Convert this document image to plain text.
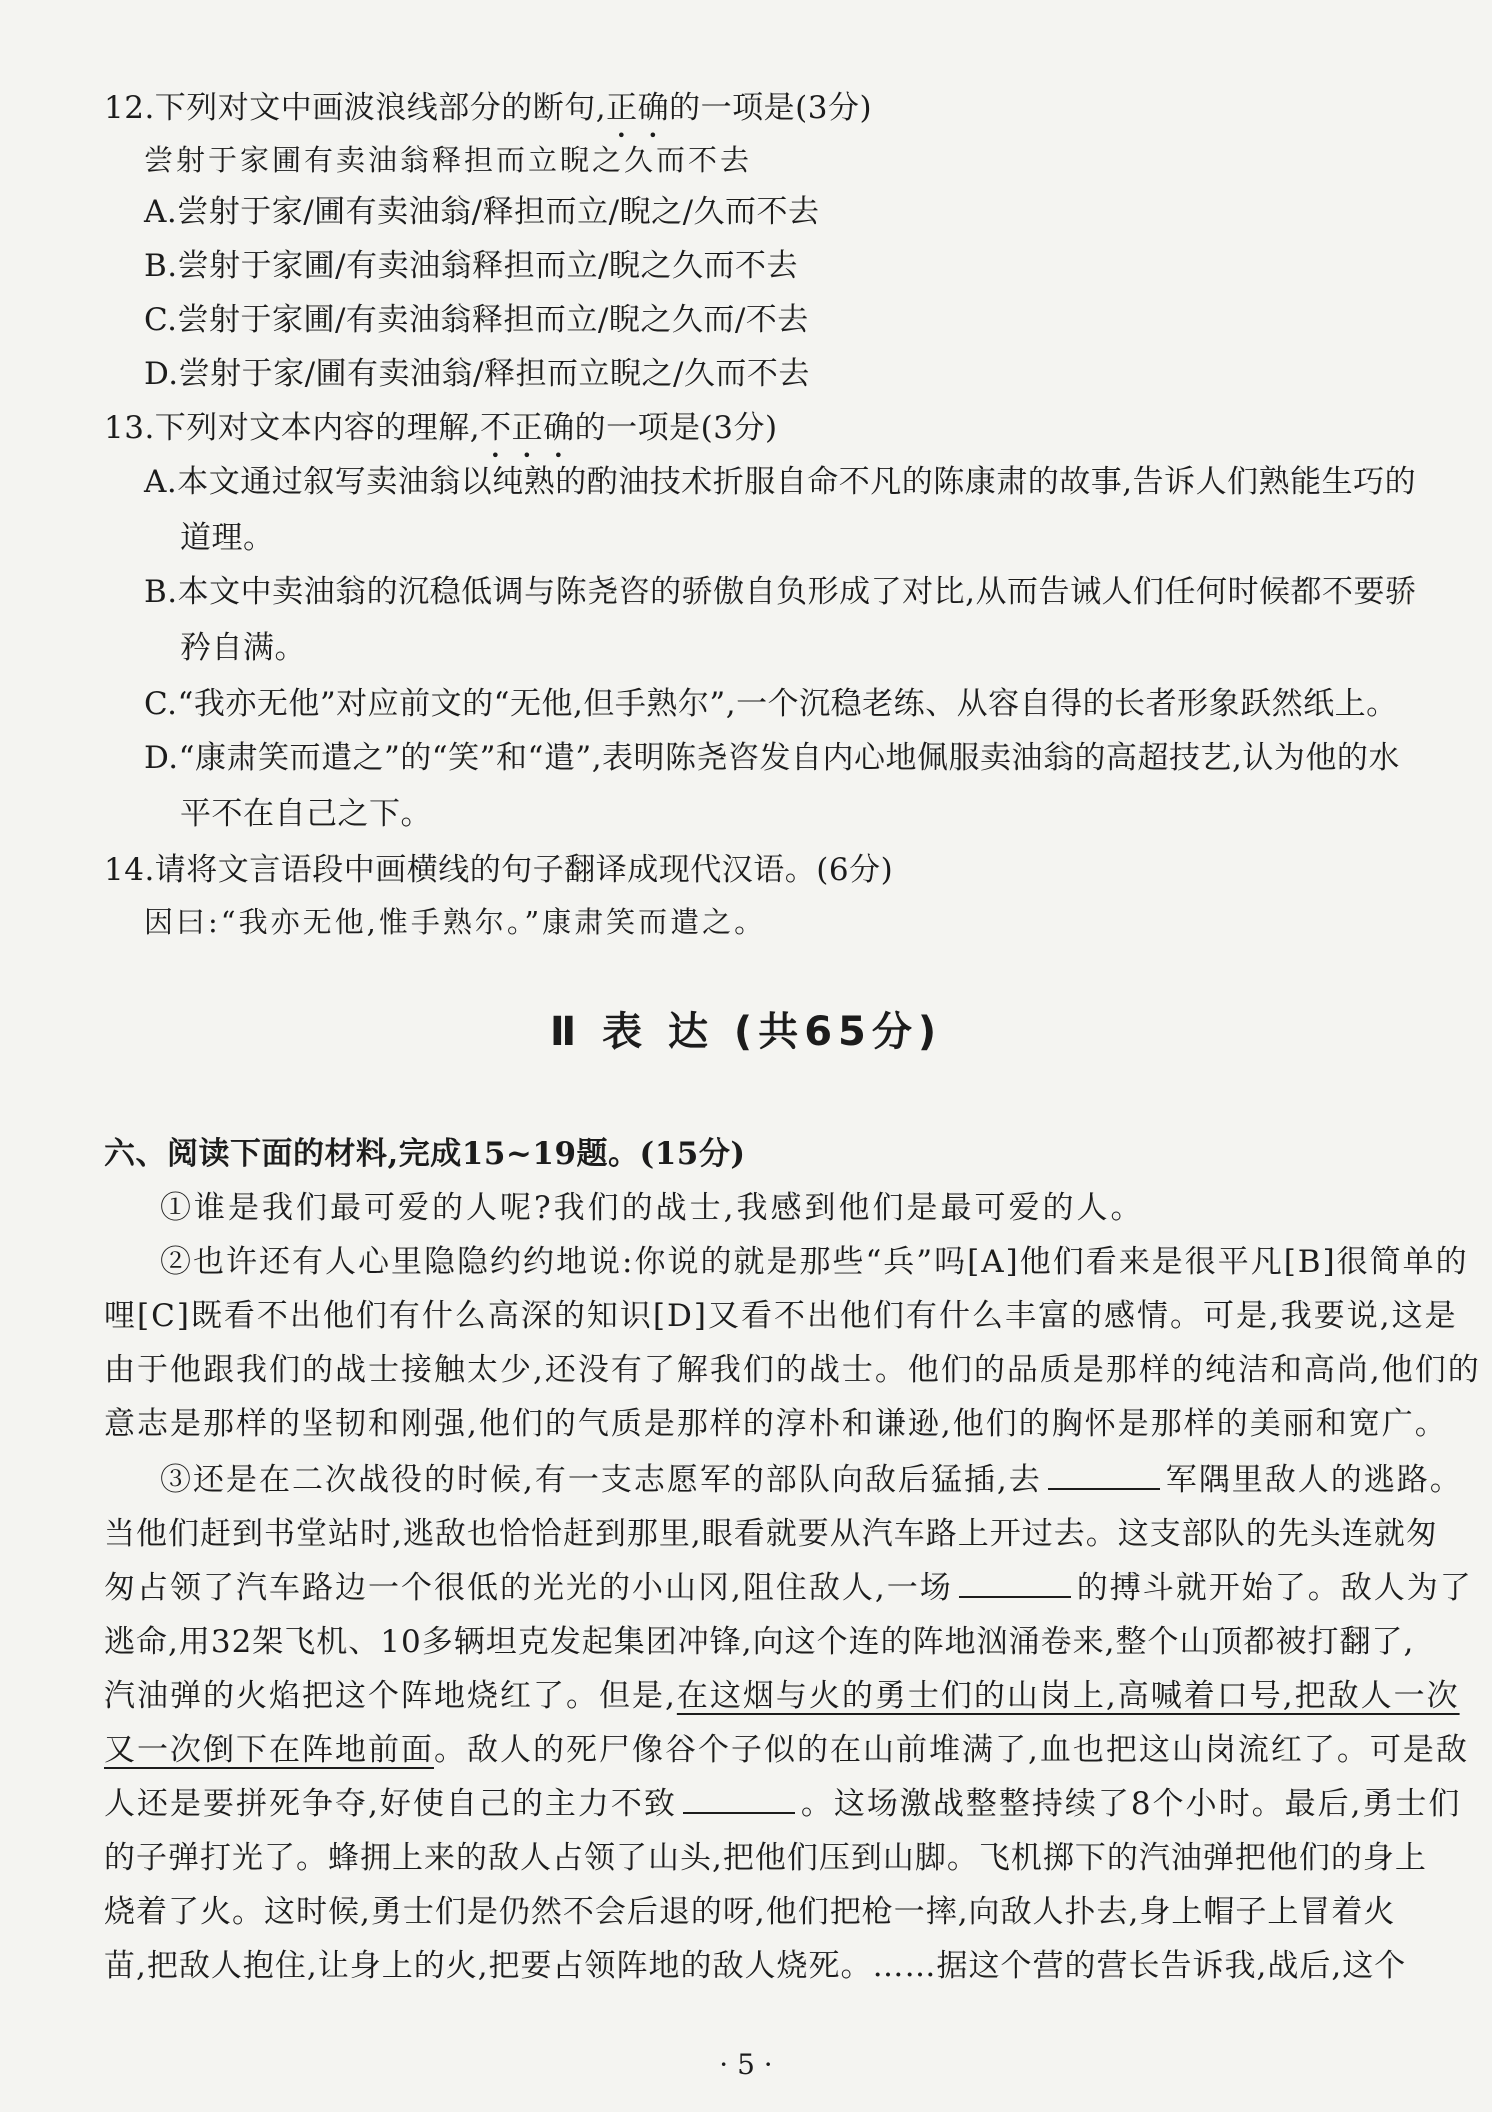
12.下列对文中画波浪线部分的断句,正确的一项是(3分)
尝射于家圃有卖油翁释担而立睨之久而不去
A.尝射于家/圃有卖油翁/释担而立/睨之/久而不去
B.尝射于家圃/有卖油翁释担而立/睨之久而不去
C.尝射于家圃/有卖油翁释担而立/睨之久而/不去
D.尝射于家/圃有卖油翁/释担而立睨之/久而不去
13.下列对文本内容的理解,不正确的一项是(3分)
A.本文通过叙写卖油翁以纯熟的酌油技术折服自命不凡的陈康肃的故事,告诉人们熟能生巧的
道理。
B.本文中卖油翁的沉稳低调与陈尧咨的骄傲自负形成了对比,从而告诫人们任何时候都不要骄
矜自满。
C.“我亦无他”对应前文的“无他,但手熟尔”,一个沉稳老练、从容自得的长者形象跃然纸上。
D.“康肃笑而遣之”的“笑”和“遣”,表明陈尧咨发自内心地佩服卖油翁的高超技艺,认为他的水
平不在自己之下。
14.请将文言语段中画横线的句子翻译成现代汉语。(6分)
因曰:“我亦无他,惟手熟尔。”康肃笑而遣之。
Ⅱ 表 达 (共65分)
六、阅读下面的材料,完成15~19题。(15分)
①谁是我们最可爱的人呢?我们的战士,我感到他们是最可爱的人。
②也许还有人心里隐隐约约地说:你说的就是那些“兵”吗[A]他们看来是很平凡[B]很简单的
哩[C]既看不出他们有什么高深的知识[D]又看不出他们有什么丰富的感情。可是,我要说,这是
由于他跟我们的战士接触太少,还没有了解我们的战士。他们的品质是那样的纯洁和高尚,他们的
意志是那样的坚韧和刚强,他们的气质是那样的淳朴和谦逊,他们的胸怀是那样的美丽和宽广。
③还是在二次战役的时候,有一支志愿军的部队向敌后猛插,去	军隅里敌人的逃路。
当他们赶到书堂站时,逃敌也恰恰赶到那里,眼看就要从汽车路上开过去。这支部队的先头连就匆
匆占领了汽车路边一个很低的光光的小山冈,阻住敌人,一场	的搏斗就开始了。敌人为了
逃命,用32架飞机、10多辆坦克发起集团冲锋,向这个连的阵地汹涌卷来,整个山顶都被打翻了,
汽油弹的火焰把这个阵地烧红了。但是,在这烟与火的勇士们的山岗上,高喊着口号,把敌人一次
又一次倒下在阵地前面。敌人的死尸像谷个子似的在山前堆满了,血也把这山岗流红了。可是敌
人还是要拼死争夺,好使自己的主力不致	。这场激战整整持续了8个小时。最后,勇士们
的子弹打光了。蜂拥上来的敌人占领了山头,把他们压到山脚。飞机掷下的汽油弹把他们的身上
烧着了火。这时候,勇士们是仍然不会后退的呀,他们把枪一摔,向敌人扑去,身上帽子上冒着火
苗,把敌人抱住,让身上的火,把要占领阵地的敌人烧死。……据这个营的营长告诉我,战后,这个
· 5 ·
